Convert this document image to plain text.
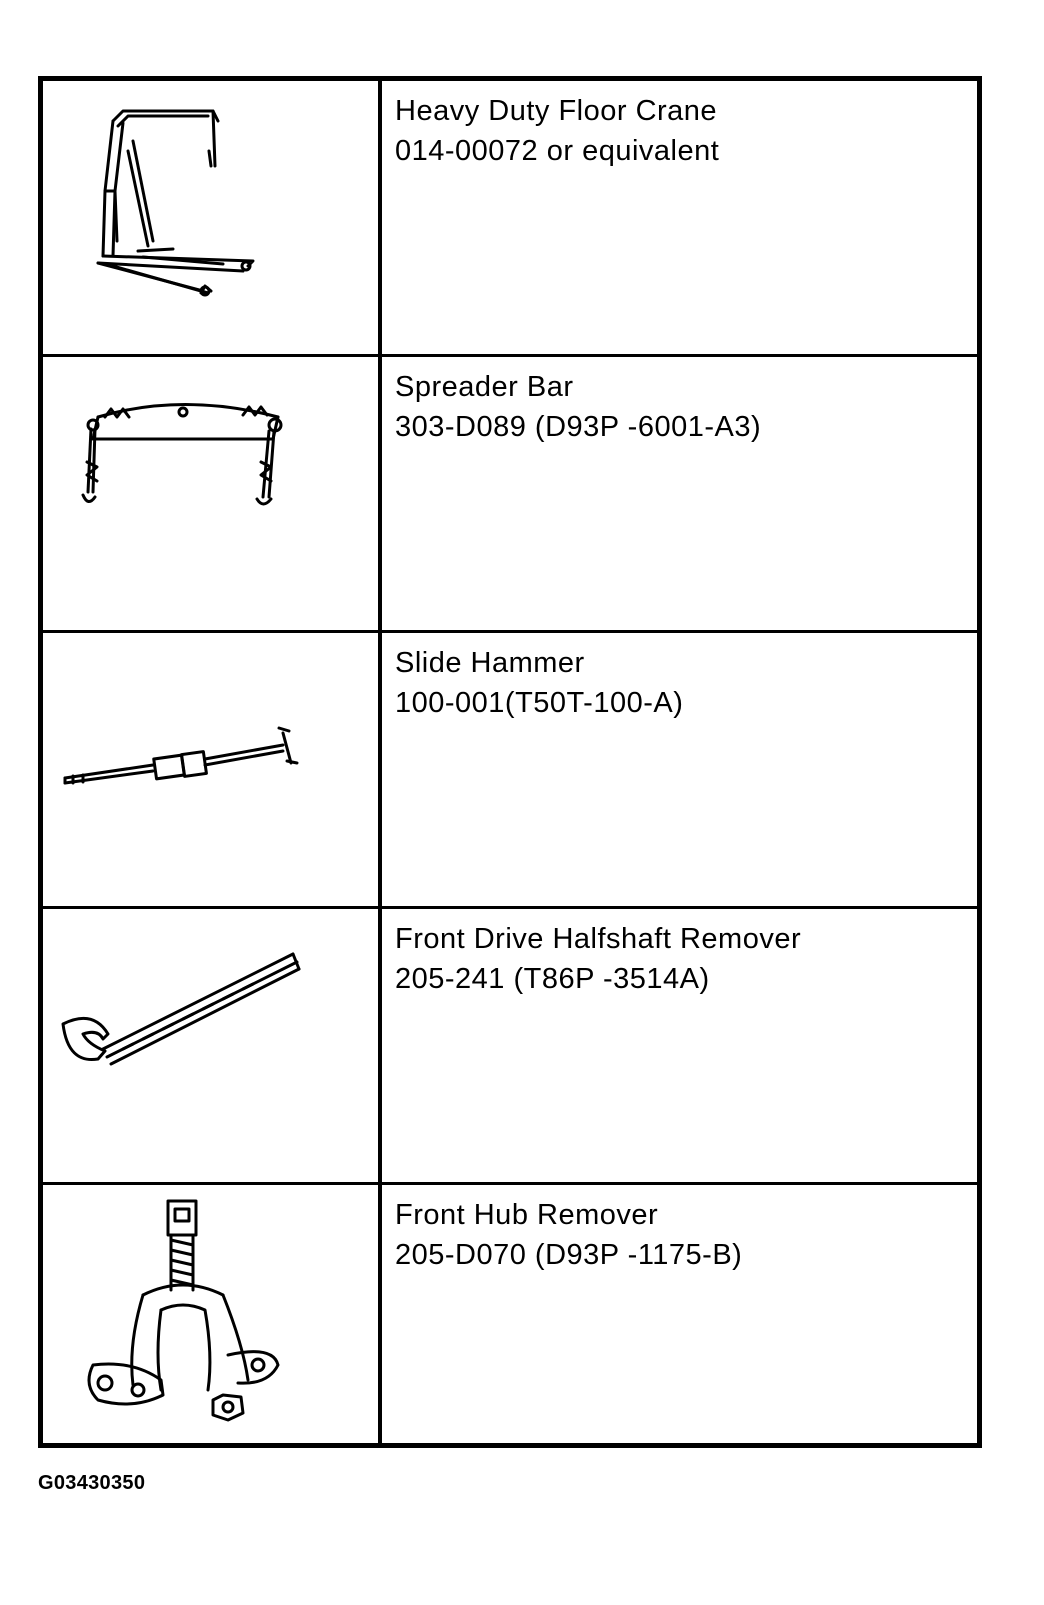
Heavy Duty Floor Crane
014-00072 or equivalent
Spreader Bar
303-D089 (D93P -6001-A3)
Slide Hammer
100-001(T50T-100-A)
Front Drive Halfshaft Remover
205-241 (T86P -3514A)
Front Hub Remover
205-D070 (D93P -1175-B)
G03430350
